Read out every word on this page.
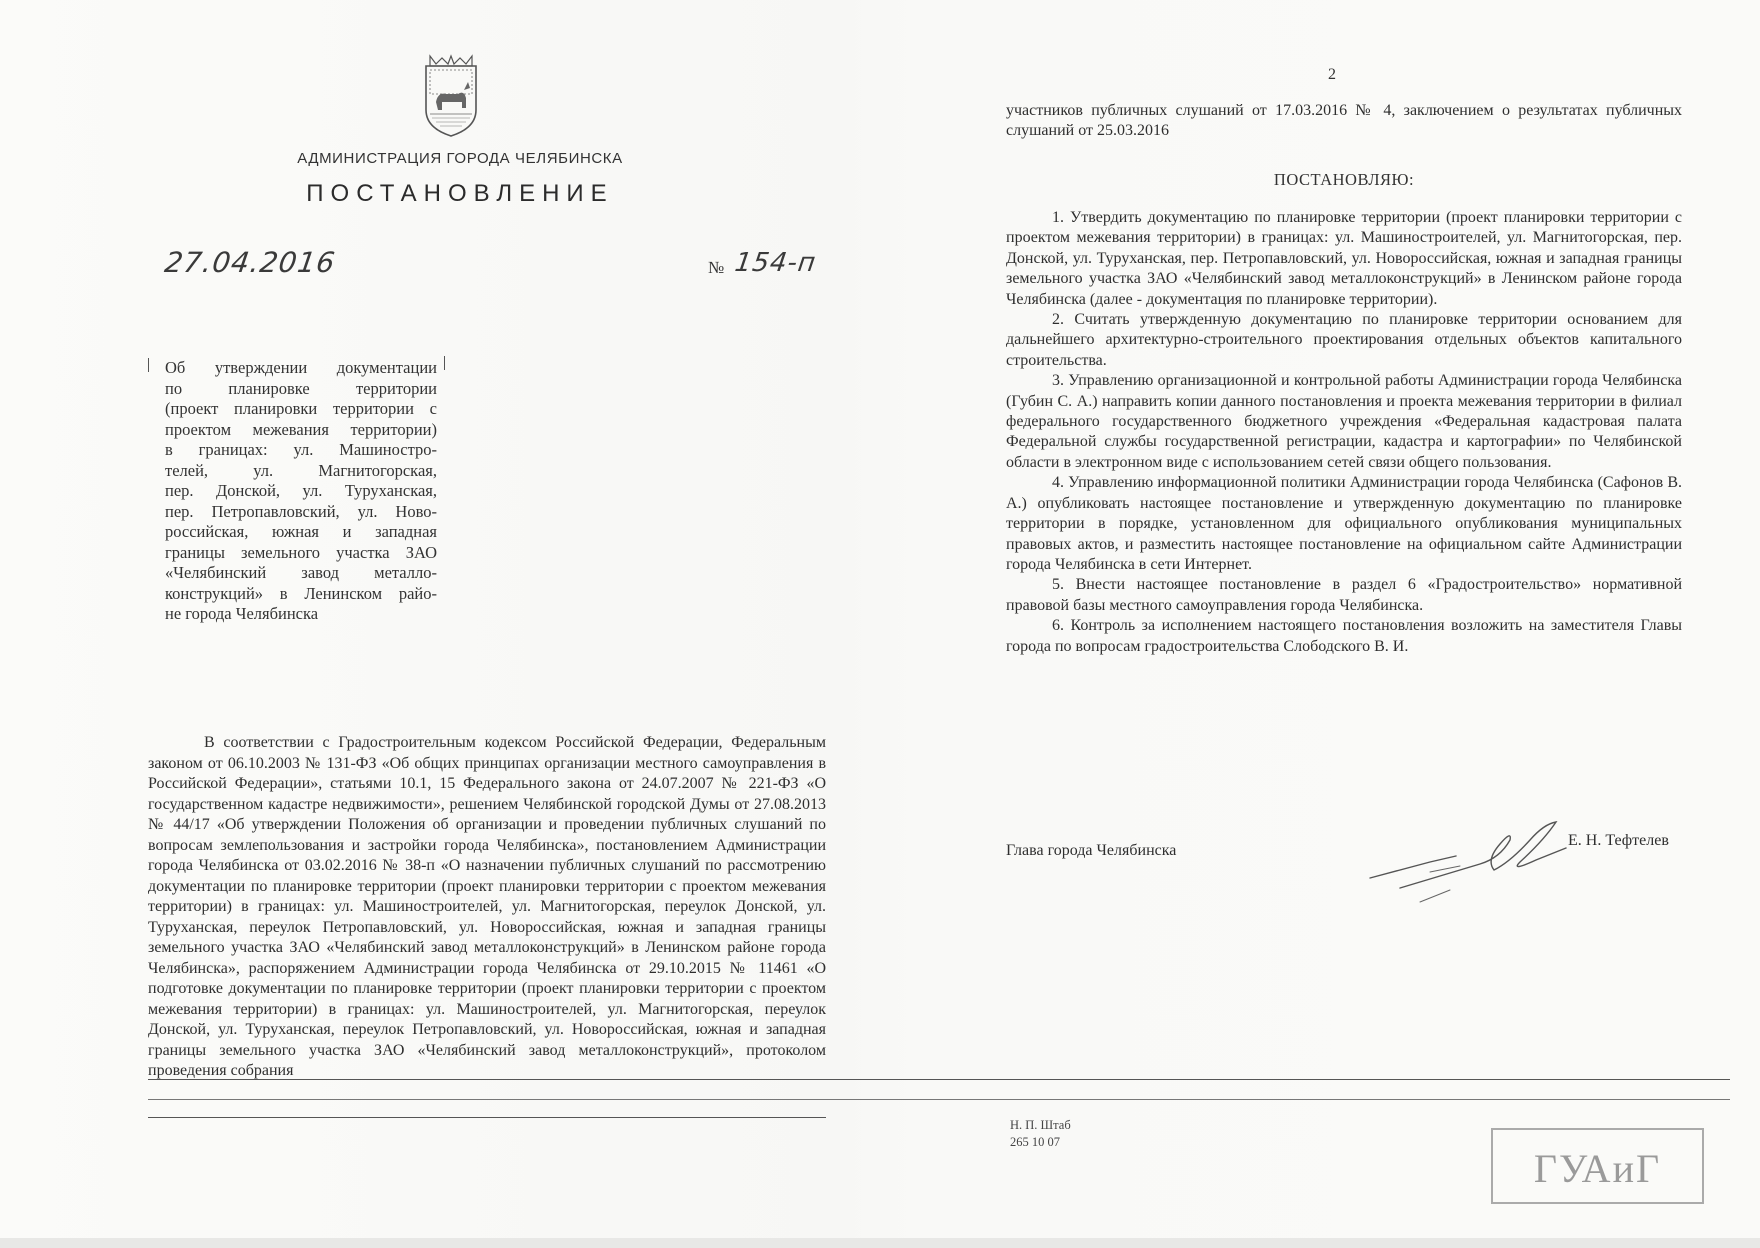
АДМИНИСТРАЦИЯ ГОРОДА ЧЕЛЯБИНСКА
ПОСТАНОВЛЕНИЕ
27.04.2016	№ 154-п
Об утверждении документации
по планировке территории
(проект планировки территории с
проектом межевания территории)
в границах: ул. Машиностро-
телей, ул. Магнитогорская,
пер. Донской, ул. Туруханская,
пер. Петропавловский, ул. Ново-
российская, южная и западная
границы земельного участка ЗАО
«Челябинский завод металло-
конструкций» в Ленинском райо-
не города Челябинска
В соответствии с Градостроительным кодексом Российской Федерации, Федеральным законом от 06.10.2003 № 131-ФЗ «Об общих принципах организации местного самоуправления в Российской Федерации», статьями 10.1, 15 Федерального закона от 24.07.2007 № 221-ФЗ «О государственном кадастре недвижимости», решением Челябинской городской Думы от 27.08.2013 № 44/17 «Об утверждении Положения об организации и проведении публичных слушаний по вопросам землепользования и застройки города Челябинска», постановлением Администрации города Челябинска от 03.02.2016 № 38-п «О назначении публичных слушаний по рассмотрению документации по планировке территории (проект планировки территории с проектом межевания территории) в границах: ул. Машиностроителей, ул. Магнитогорская, переулок Донской, ул. Туруханская, переулок Петропавловский, ул. Новороссийская, южная и западная границы земельного участка ЗАО «Челябинский завод металлоконструкций» в Ленинском районе города Челябинска», распоряжением Администрации города Челябинска от 29.10.2015 № 11461 «О подготовке документации по планировке территории (проект планировки территории с проектом межевания территории) в границах: ул. Машиностроителей, ул. Магнитогорская, переулок Донской, ул. Туруханская, переулок Петропавловский, ул. Новороссийская, южная и западная границы земельного участка ЗАО «Челябинский завод металлоконструкций», протоколом проведения собрания
2
участников публичных слушаний от 17.03.2016 № 4, заключением о результатах публичных слушаний от 25.03.2016
ПОСТАНОВЛЯЮ:

1. Утвердить документацию по планировке территории (проект планировки территории с проектом межевания территории) в границах: ул. Машиностроителей, ул. Магнитогорская, пер. Донской, ул. Туруханская, пер. Петропавловский, ул. Новороссийская, южная и западная границы земельного участка ЗАО «Челябинский завод металлоконструкций» в Ленинском районе города Челябинска (далее - документация по планировке территории).

2. Считать утвержденную документацию по планировке территории основанием для дальнейшего архитектурно-строительного проектирования отдельных объектов капитального строительства.

3. Управлению организационной и контрольной работы Администрации города Челябинска (Губин С. А.) направить копии данного постановления и проекта межевания территории в филиал федерального государственного бюджетного учреждения «Федеральная кадастровая палата Федеральной службы государственной регистрации, кадастра и картографии» по Челябинской области в электронном виде с использованием сетей связи общего пользования.

4. Управлению информационной политики Администрации города Челябинска (Сафонов В. А.) опубликовать настоящее постановление и утвержденную документацию по планировке территории в порядке, установленном для официального опубликования муниципальных правовых актов, и разместить настоящее постановление на официальном сайте Администрации города Челябинска в сети Интернет.

5. Внести настоящее постановление в раздел 6 «Градостроительство» нормативной правовой базы местного самоуправления города Челябинска.

6. Контроль за исполнением настоящего постановления возложить на заместителя Главы города по вопросам градостроительства Слободского В. И.

Глава города Челябинска
Е. Н. Тефтелев
Н. П. Штаб
265 10 07
ГУАиГ
